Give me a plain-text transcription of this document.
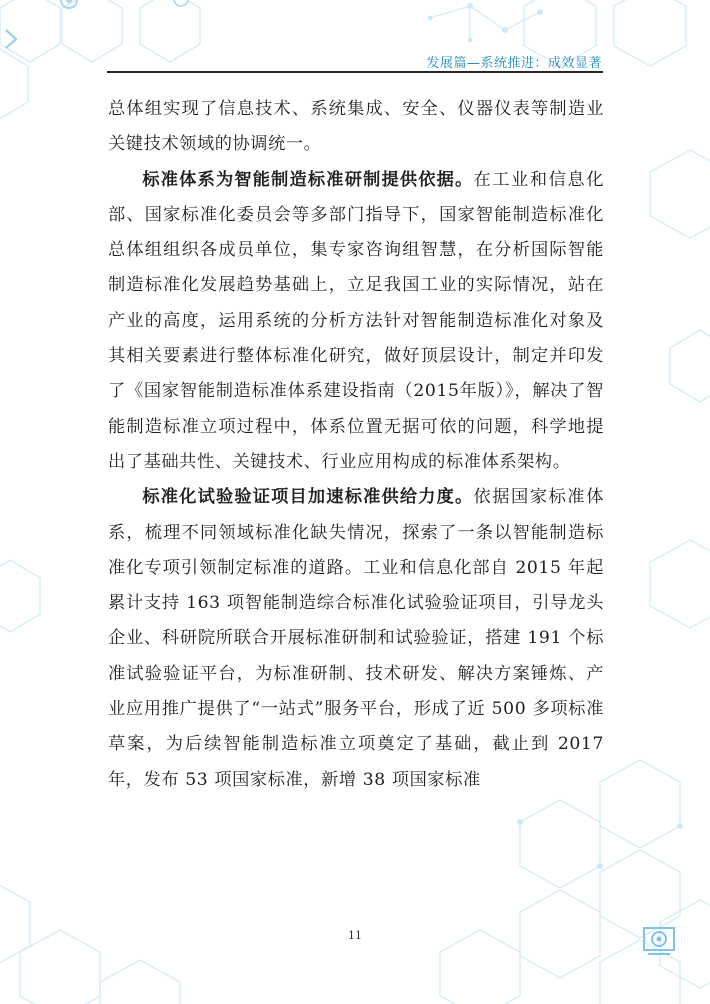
发展篇—系统推进：成效显著

总体组实现了信息技术、系统集成、安全、仪器仪表等制造业关键技术领域的协调统一。

标准体系为智能制造标准研制提供依据。在工业和信息化部、国家标准化委员会等多部门指导下，国家智能制造标准化总体组组织各成员单位，集专家咨询组智慧，在分析国际智能制造标准化发展趋势基础上，立足我国工业的实际情况，站在产业的高度，运用系统的分析方法针对智能制造标准化对象及其相关要素进行整体标准化研究，做好顶层设计，制定并印发了《国家智能制造标准体系建设指南（2015年版）》，解决了智能制造标准立项过程中，体系位置无据可依的问题，科学地提出了基础共性、关键技术、行业应用构成的标准体系架构。

标准化试验验证项目加速标准供给力度。依据国家标准体系，梳理不同领域标准化缺失情况，探索了一条以智能制造标准化专项引领制定标准的道路。工业和信息化部自 2015 年起累计支持 163 项智能制造综合标准化试验验证项目，引导龙头企业、科研院所联合开展标准研制和试验验证，搭建 191 个标准试验验证平台，为标准研制、技术研发、解决方案锤炼、产业应用推广提供了“一站式”服务平台，形成了近 500 多项标准草案，为后续智能制造标准立项奠定了基础，截止到 2017 年，发布 53 项国家标准，新增 38 项国家标准

11
